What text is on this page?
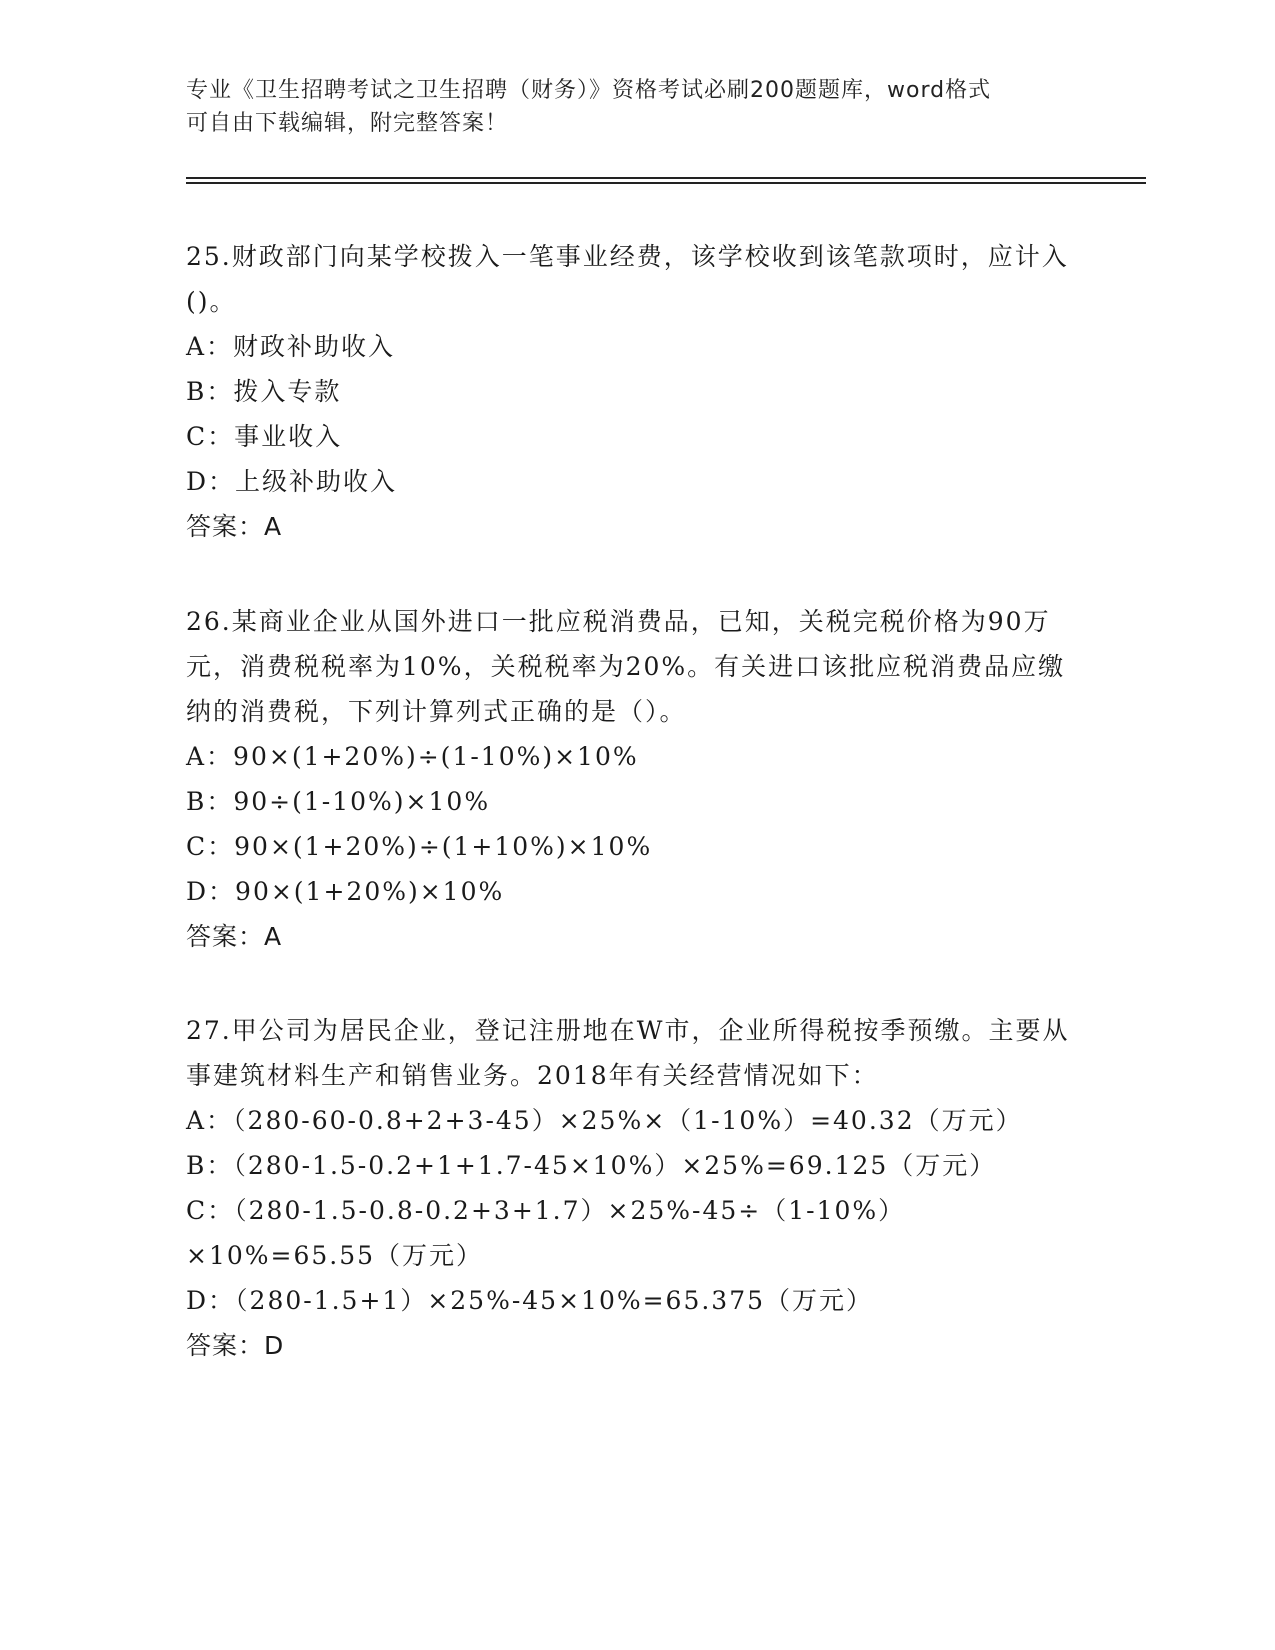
专业《卫生招聘考试之卫生招聘（财务）》资格考试必刷200题题库，word格式
可自由下载编辑，附完整答案！

25.财政部门向某学校拨入一笔事业经费，该学校收到该笔款项时，应计入()。

A：财政补助收入
B：拨入专款
C：事业收入
D：上级补助收入

答案：A

26.某商业企业从国外进口一批应税消费品，已知，关税完税价格为90万元，消费税税率为10%，关税税率为20%。有关进口该批应税消费品应缴纳的消费税，下列计算列式正确的是（）。

A：90×(1+20%)÷(1-10%)×10%
B：90÷(1-10%)×10%
C：90×(1+20%)÷(1+10%)×10%
D：90×(1+20%)×10%

答案：A

27.甲公司为居民企业，登记注册地在W市，企业所得税按季预缴。主要从事建筑材料生产和销售业务。2018年有关经营情况如下：

A：（280-60-0.8+2+3-45）×25%×（1-10%）=40.32（万元）
B：（280-1.5-0.2+1+1.7-45×10%）×25%=69.125（万元）
C：（280-1.5-0.8-0.2+3+1.7）×25%-45÷（1-10%）×10%=65.55（万元）
D：（280-1.5+1）×25%-45×10%=65.375（万元）

答案：D
